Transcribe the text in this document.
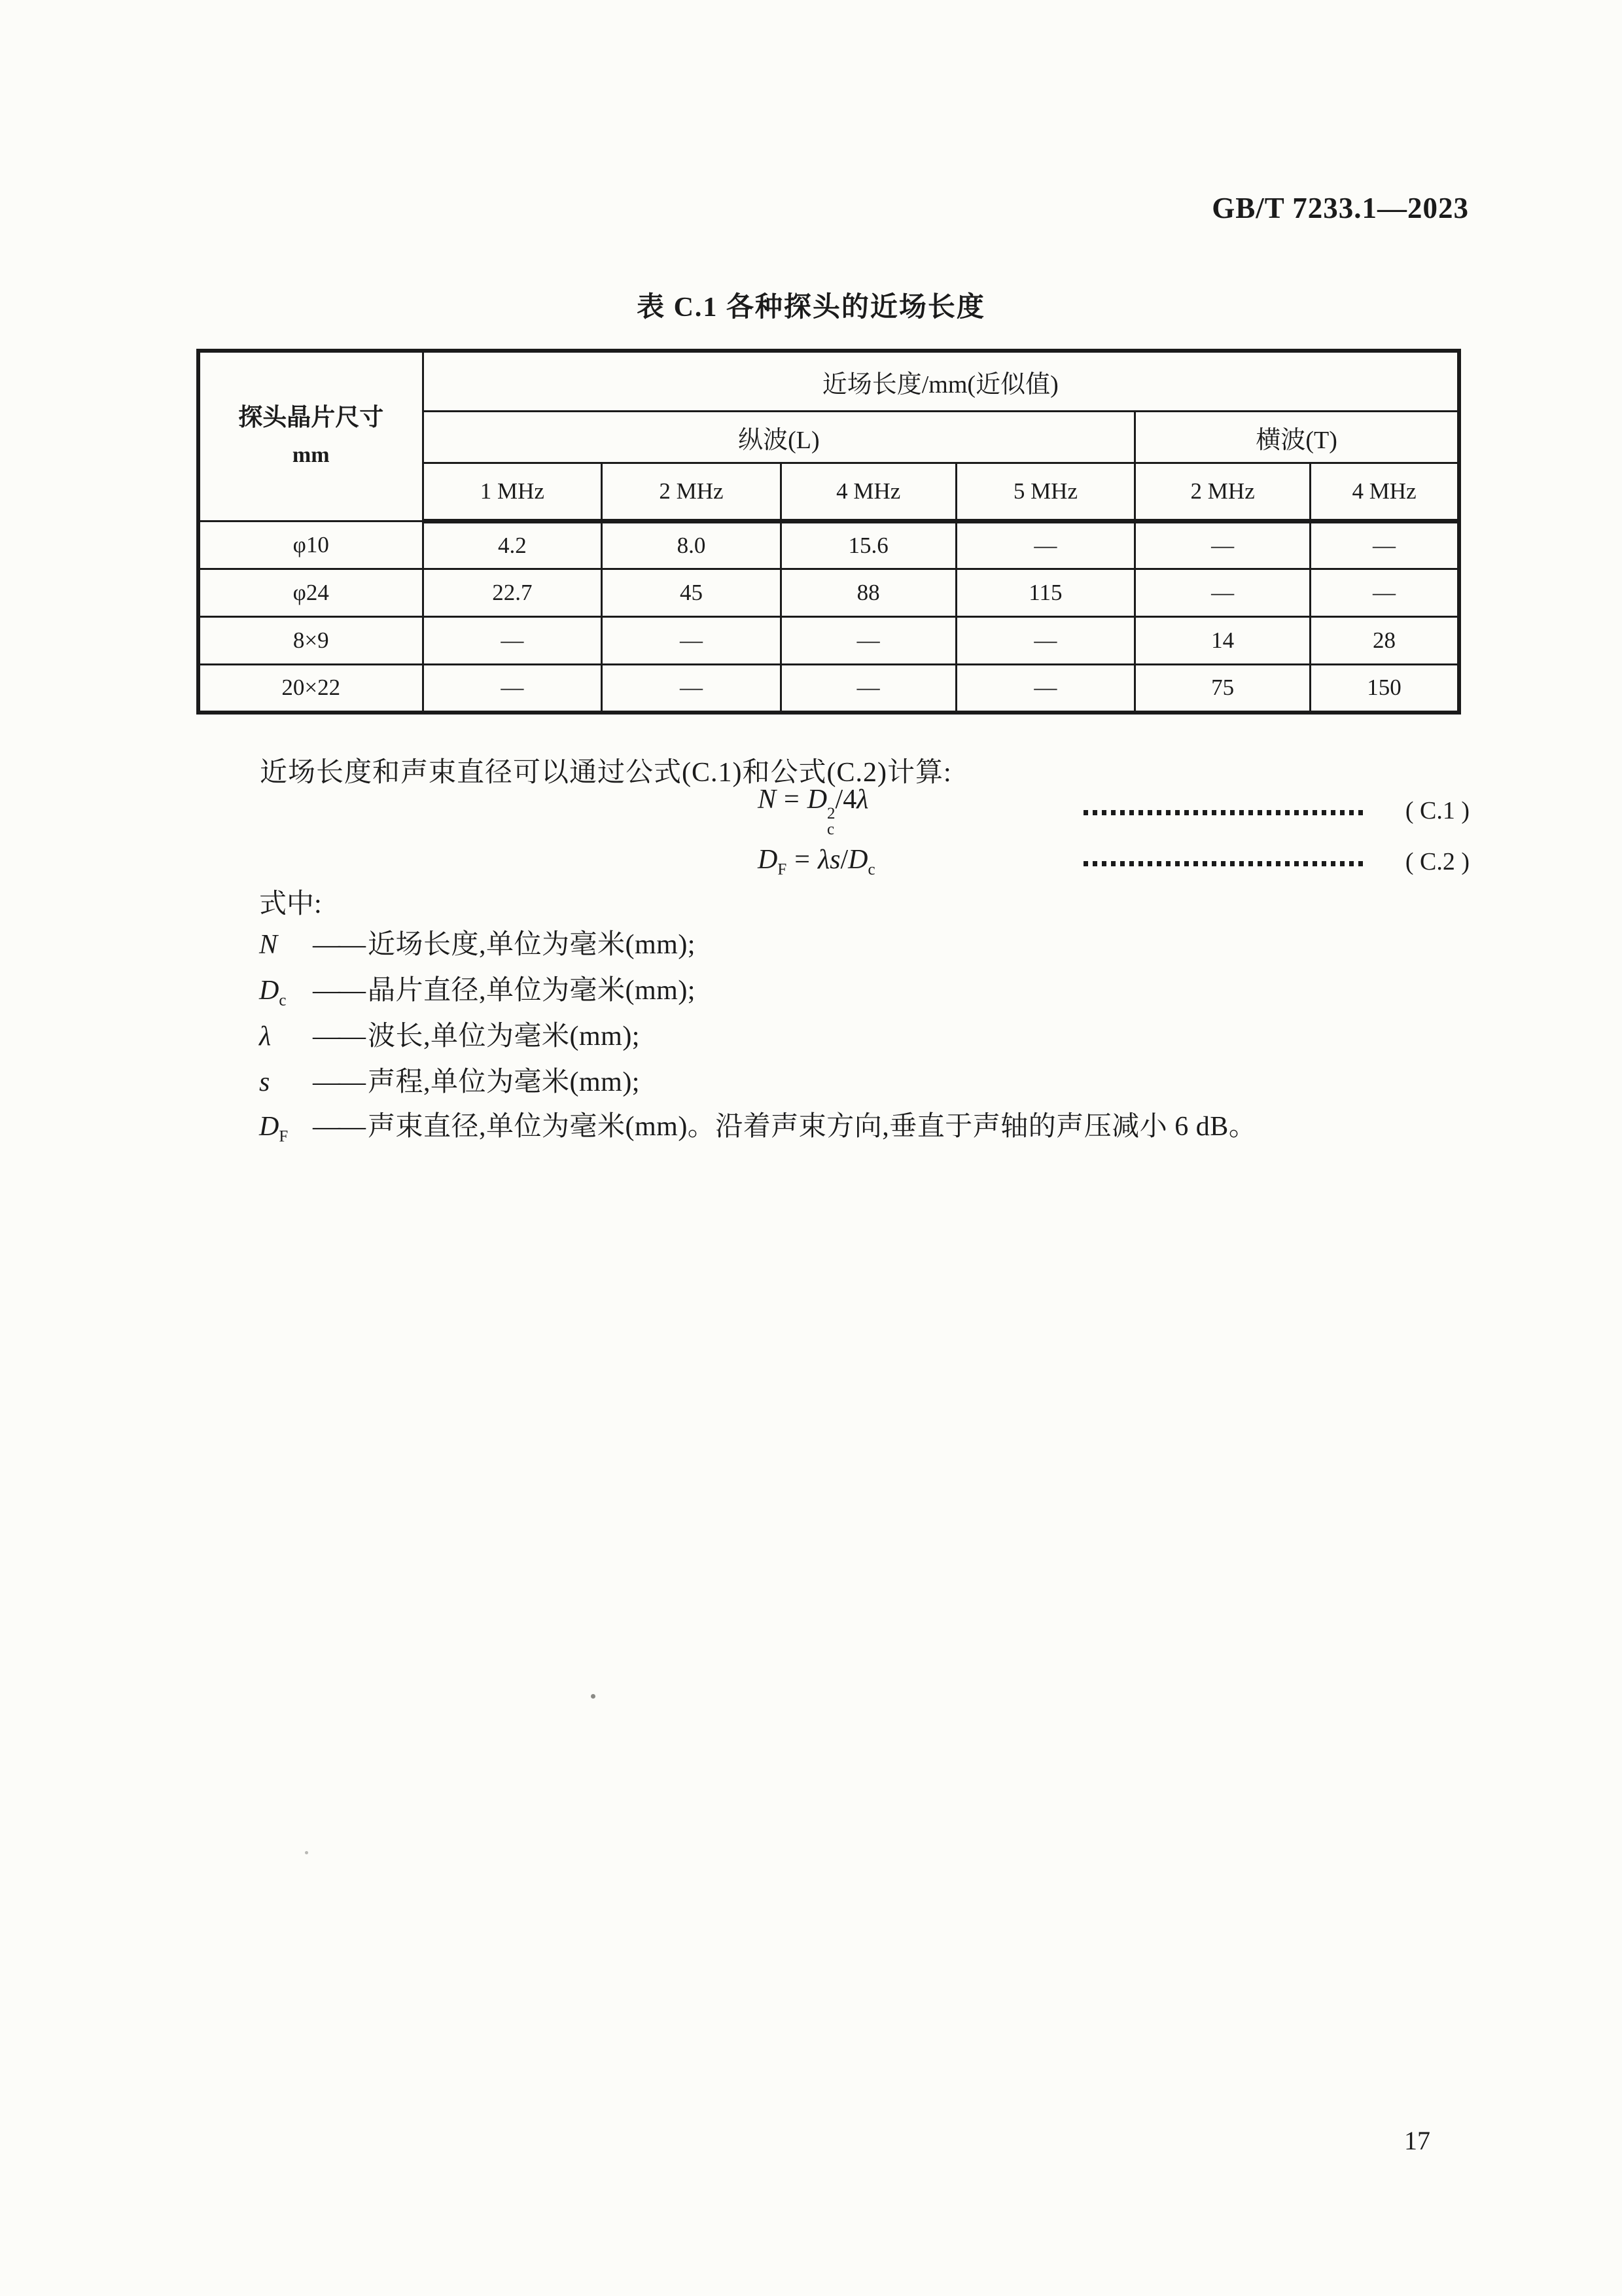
GB/T 7233.1—2023
表 C.1 各种探头的近场长度
探头晶片尺寸
mm	近场长度/mm(近似值)					
	纵波(L)				横波(T)	
	1 MHz	2 MHz	4 MHz	5 MHz	2 MHz	4 MHz
φ10	4.2	8.0	15.6	—	—	—
φ24	22.7	45	88	115	—	—
8×9	—	—	—	—	14	28
20×22	—	—	—	—	75	150
近场长度和声束直径可以通过公式(C.1)和公式(C.2)计算:
N = D 2
c
/4λ	( C.1 )
$D_F = \lambda s/D_c$	( C.2 )
式中:
N	—— 近场长度,单位为毫米(mm);
$D_c$ —— 晶片直径,单位为毫米(mm);
λ	—— 波长,单位为毫米(mm);
s	—— 声程,单位为毫米(mm);
$D_F$ —— 声束直径,单位为毫米(mm)。沿着声束方向,垂直于声轴的声压减小 6 dB。
17
